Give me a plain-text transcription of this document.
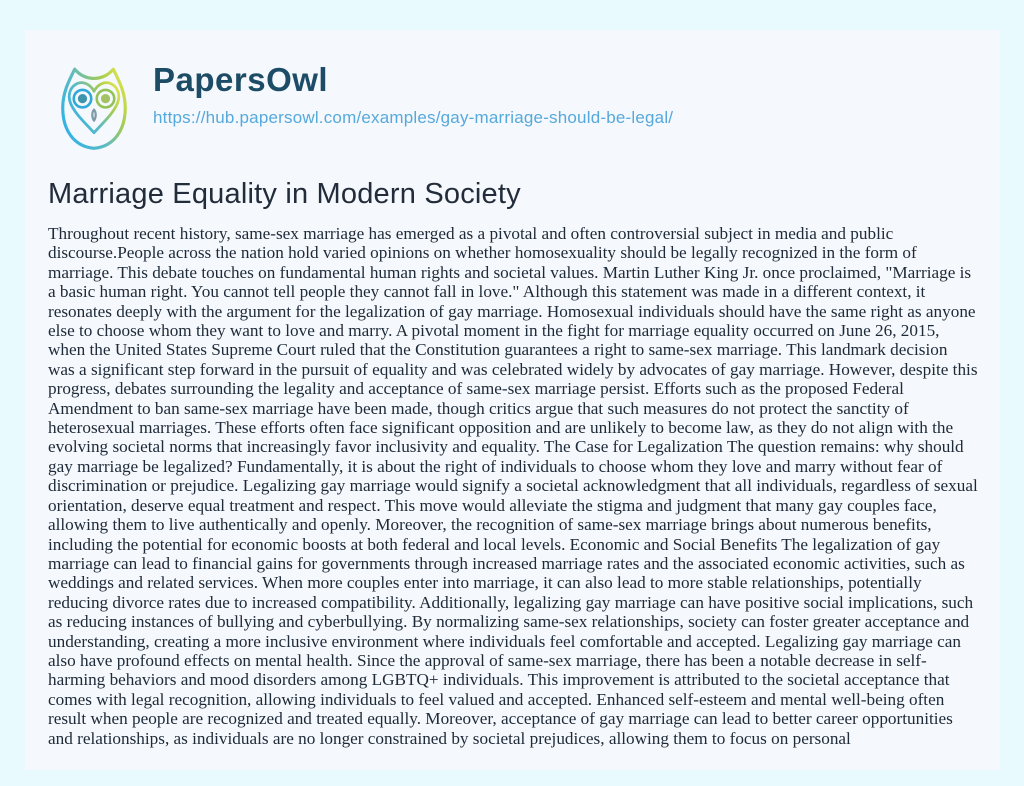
PapersOwl
https://hub.papersowl.com/examples/gay-marriage-should-be-legal/
Marriage Equality in Modern Society

Throughout recent history, same-sex marriage has emerged as a pivotal and often controversial subject in media and public discourse.People across the nation hold varied opinions on whether homosexuality should be legally recognized in the form of marriage. This debate touches on fundamental human rights and societal values. Martin Luther King Jr. once proclaimed, "Marriage is a basic human right. You cannot tell people they cannot fall in love." Although this statement was made in a different context, it resonates deeply with the argument for the legalization of gay marriage. Homosexual individuals should have the same right as anyone else to choose whom they want to love and marry. A pivotal moment in the fight for marriage equality occurred on June 26, 2015, when the United States Supreme Court ruled that the Constitution guarantees a right to same-sex marriage. This landmark decision was a significant step forward in the pursuit of equality and was celebrated widely by advocates of gay marriage. However, despite this progress, debates surrounding the legality and acceptance of same-sex marriage persist. Efforts such as the proposed Federal Amendment to ban same-sex marriage have been made, though critics argue that such measures do not protect the sanctity of heterosexual marriages. These efforts often face significant opposition and are unlikely to become law, as they do not align with the evolving societal norms that increasingly favor inclusivity and equality. The Case for Legalization The question remains: why should gay marriage be legalized? Fundamentally, it is about the right of individuals to choose whom they love and marry without fear of discrimination or prejudice. Legalizing gay marriage would signify a societal acknowledgment that all individuals, regardless of sexual orientation, deserve equal treatment and respect. This move would alleviate the stigma and judgment that many gay couples face, allowing them to live authentically and openly. Moreover, the recognition of same-sex marriage brings about numerous benefits, including the potential for economic boosts at both federal and local levels. Economic and Social Benefits The legalization of gay marriage can lead to financial gains for governments through increased marriage rates and the associated economic activities, such as weddings and related services. When more couples enter into marriage, it can also lead to more stable relationships, potentially reducing divorce rates due to increased compatibility. Additionally, legalizing gay marriage can have positive social implications, such as reducing instances of bullying and cyberbullying. By normalizing same-sex relationships, society can foster greater acceptance and understanding, creating a more inclusive environment where individuals feel comfortable and accepted. Legalizing gay marriage can also have profound effects on mental health. Since the approval of same-sex marriage, there has been a notable decrease in self-harming behaviors and mood disorders among LGBTQ+ individuals. This improvement is attributed to the societal acceptance that comes with legal recognition, allowing individuals to feel valued and accepted. Enhanced self-esteem and mental well-being often result when people are recognized and treated equally. Moreover, acceptance of gay marriage can lead to better career opportunities and relationships, as individuals are no longer constrained by societal prejudices, allowing them to focus on personal
